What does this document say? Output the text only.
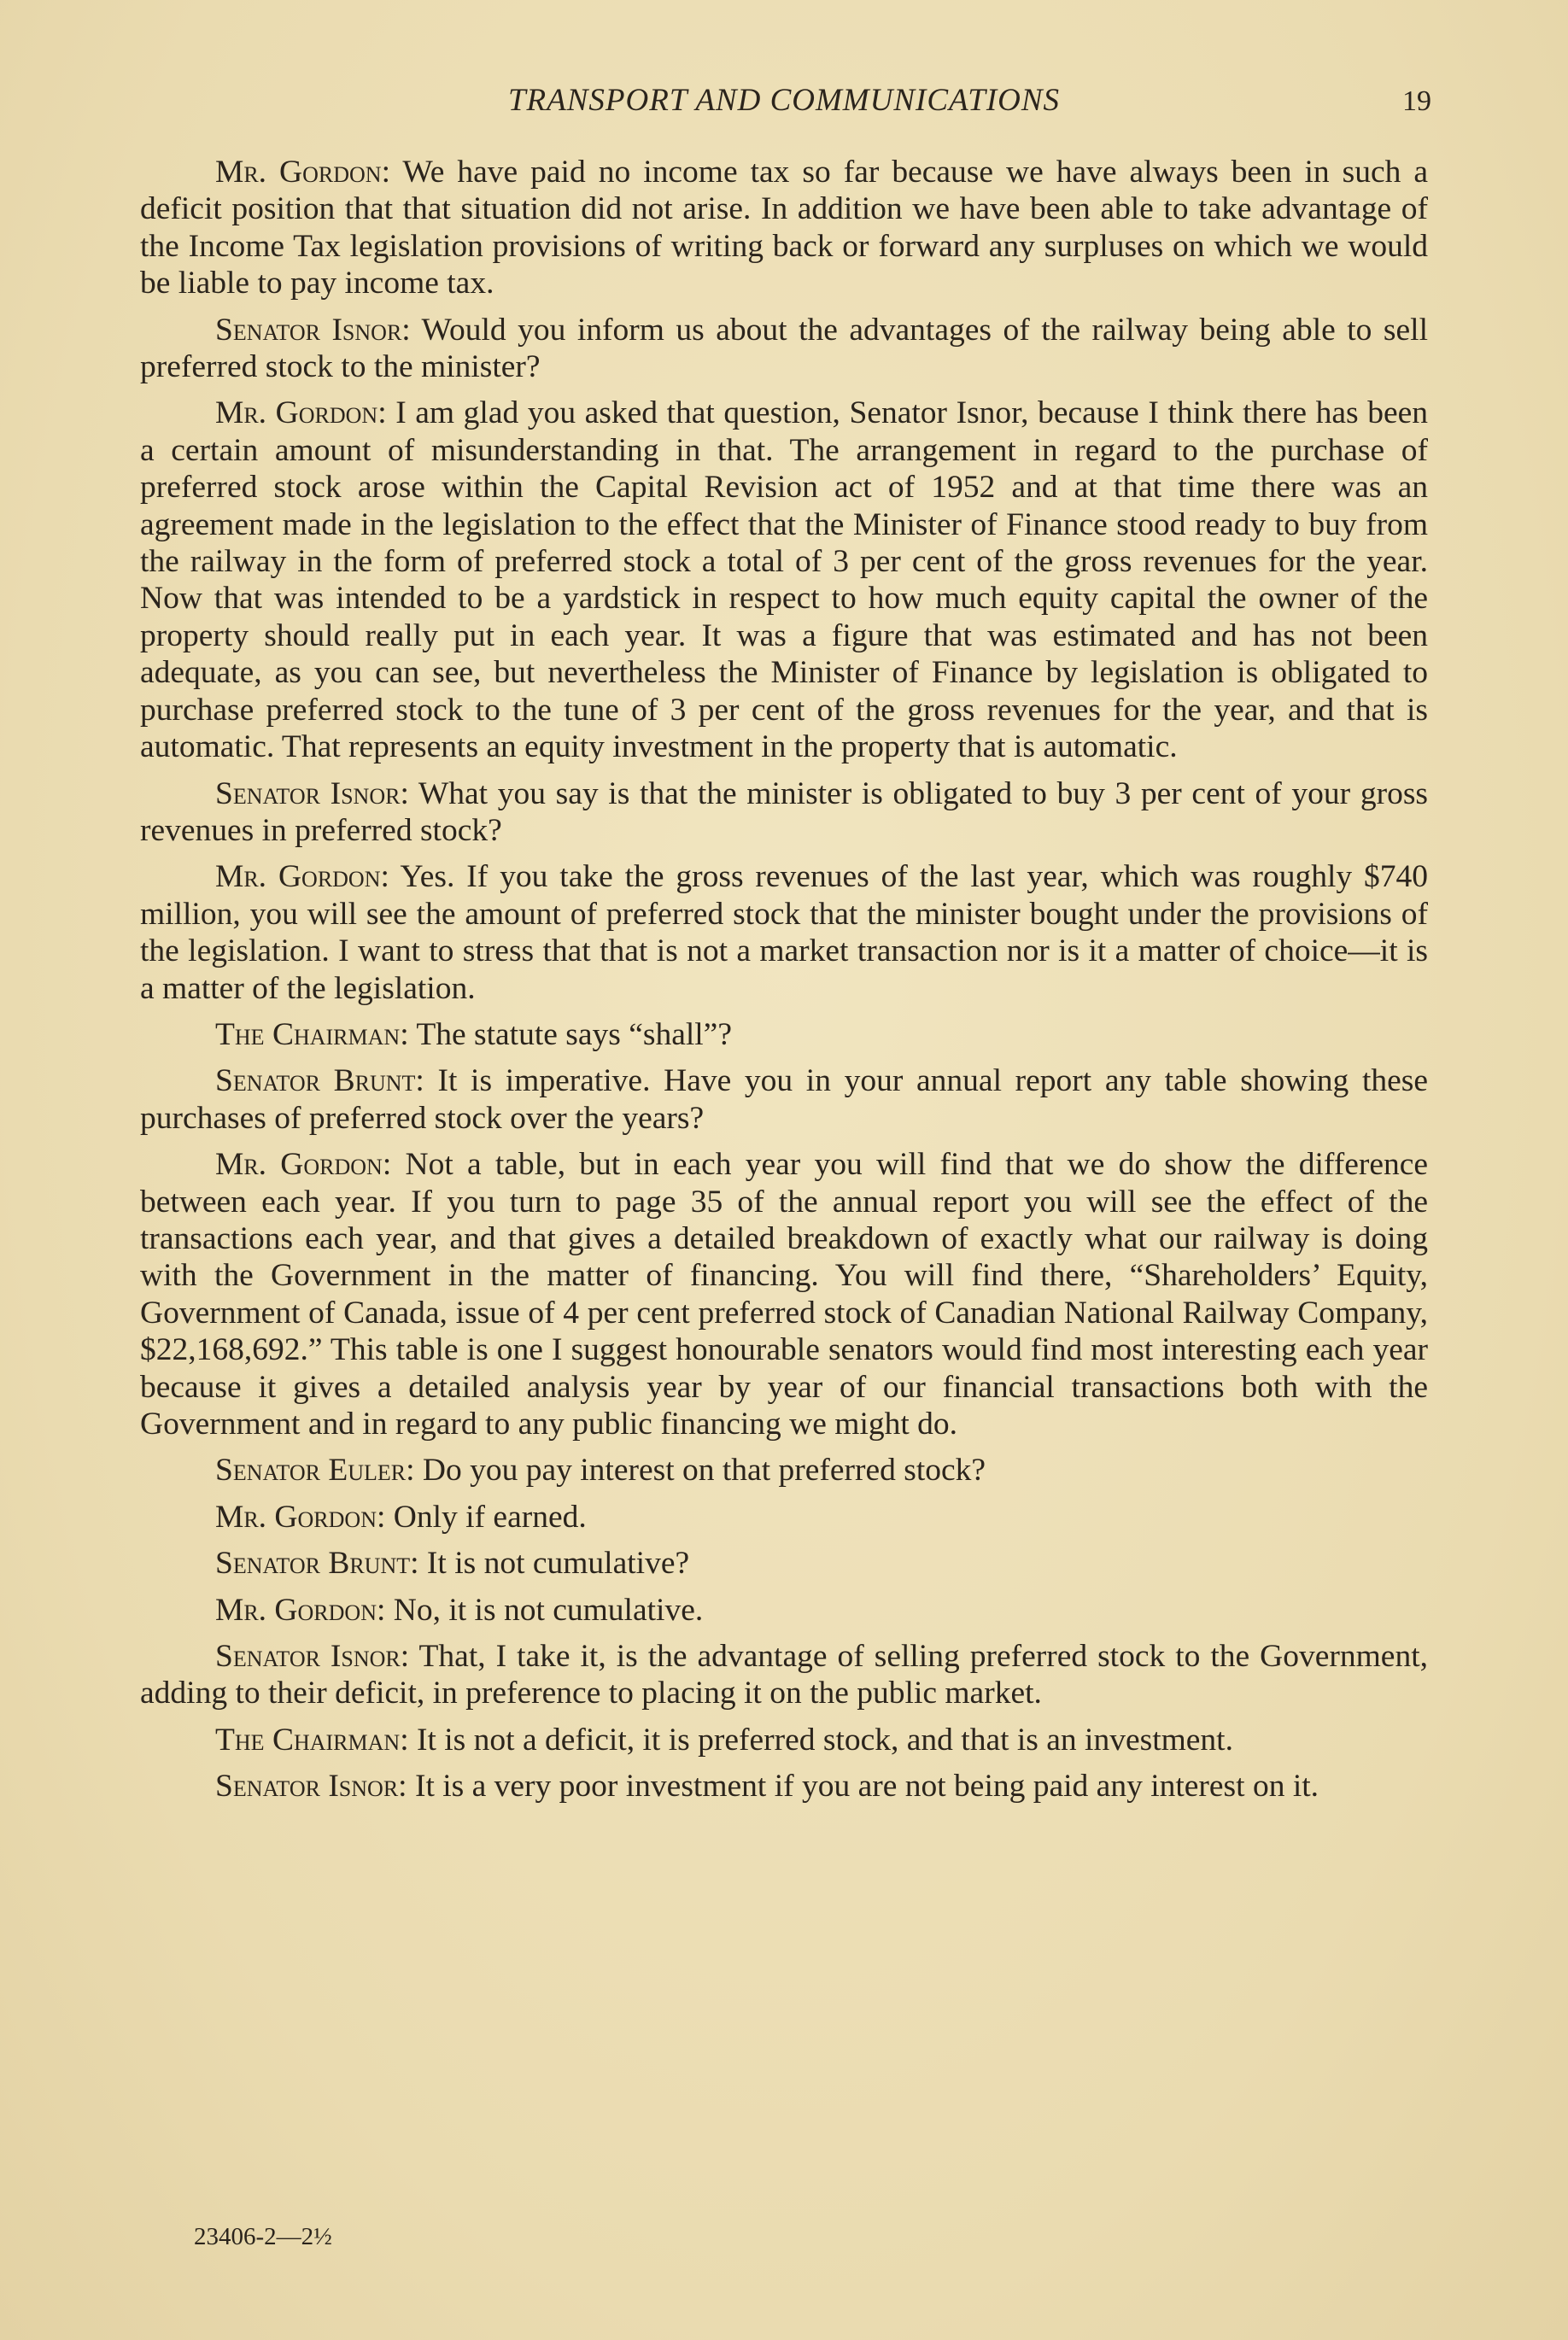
TRANSPORT AND COMMUNICATIONS	19

Mr. Gordon: We have paid no income tax so far because we have always been in such a deficit position that that situation did not arise. In addition we have been able to take advantage of the Income Tax legislation provisions of writing back or forward any surpluses on which we would be liable to pay income tax.

Senator Isnor: Would you inform us about the advantages of the railway being able to sell preferred stock to the minister?

Mr. Gordon: I am glad you asked that question, Senator Isnor, because I think there has been a certain amount of misunderstanding in that. The arrangement in regard to the purchase of preferred stock arose within the Capital Revision act of 1952 and at that time there was an agreement made in the legislation to the effect that the Minister of Finance stood ready to buy from the railway in the form of preferred stock a total of 3 per cent of the gross revenues for the year. Now that was intended to be a yardstick in respect to how much equity capital the owner of the property should really put in each year. It was a figure that was estimated and has not been adequate, as you can see, but nevertheless the Minister of Finance by legislation is obligated to purchase preferred stock to the tune of 3 per cent of the gross revenues for the year, and that is automatic. That represents an equity investment in the property that is automatic.

Senator Isnor: What you say is that the minister is obligated to buy 3 per cent of your gross revenues in preferred stock?

Mr. Gordon: Yes. If you take the gross revenues of the last year, which was roughly $740 million, you will see the amount of preferred stock that the minister bought under the provisions of the legislation. I want to stress that that is not a market transaction nor is it a matter of choice—it is a matter of the legislation.

The Chairman: The statute says “shall”?

Senator Brunt: It is imperative. Have you in your annual report any table showing these purchases of preferred stock over the years?

Mr. Gordon: Not a table, but in each year you will find that we do show the difference between each year. If you turn to page 35 of the annual report you will see the effect of the transactions each year, and that gives a detailed breakdown of exactly what our railway is doing with the Government in the matter of financing. You will find there, “Shareholders’ Equity, Government of Canada, issue of 4 per cent preferred stock of Canadian National Railway Company, $22,168,692.” This table is one I suggest honourable senators would find most interesting each year because it gives a detailed analysis year by year of our financial transactions both with the Government and in regard to any public financing we might do.

Senator Euler: Do you pay interest on that preferred stock?

Mr. Gordon: Only if earned.

Senator Brunt: It is not cumulative?

Mr. Gordon: No, it is not cumulative.

Senator Isnor: That, I take it, is the advantage of selling preferred stock to the Government, adding to their deficit, in preference to placing it on the public market.

The Chairman: It is not a deficit, it is preferred stock, and that is an investment.

Senator Isnor: It is a very poor investment if you are not being paid any interest on it.

23406-2—2½
